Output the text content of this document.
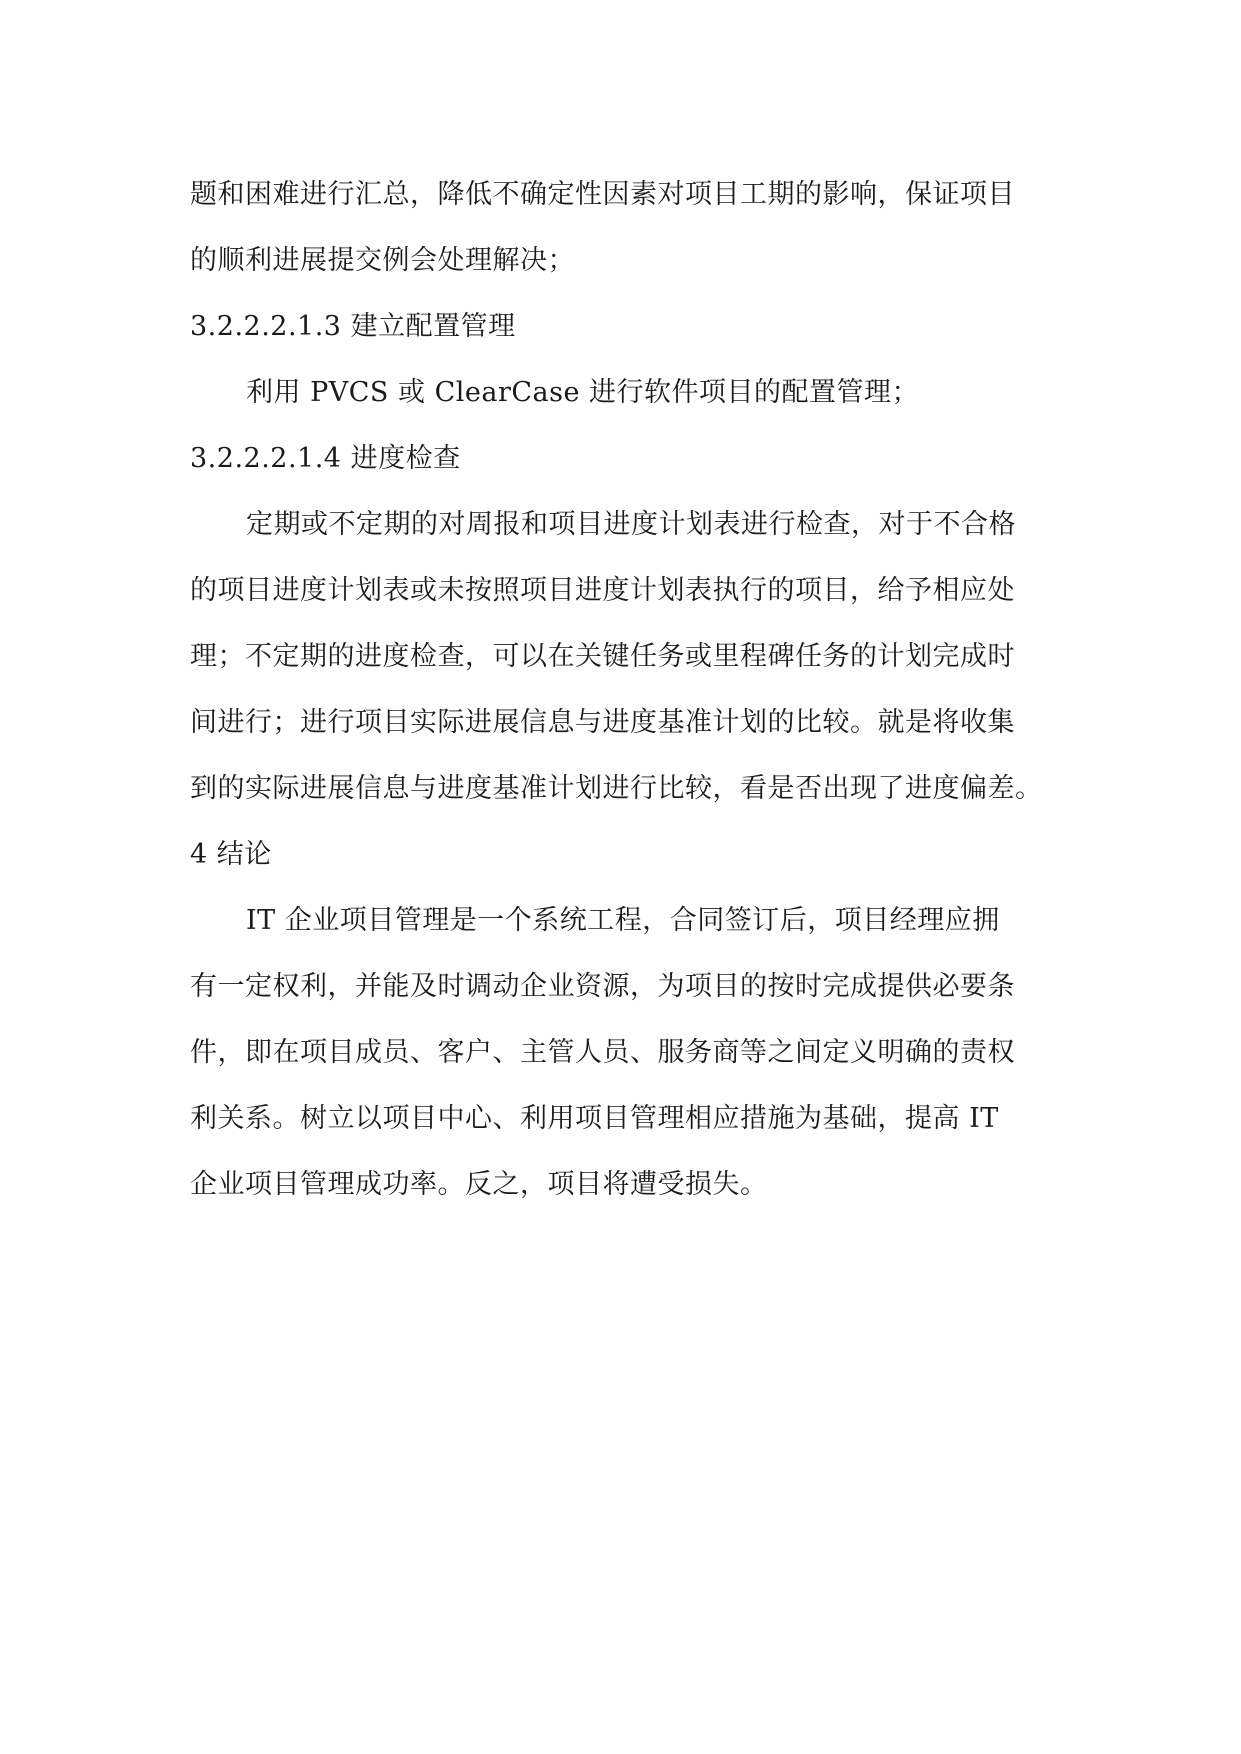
题和困难进行汇总，降低不确定性因素对项目工期的影响，保证项目
的顺利进展提交例会处理解决；
3.2.2.2.1.3 建立配置管理
利用 PVCS 或 ClearCase 进行软件项目的配置管理；
3.2.2.2.1.4 进度检查
定期或不定期的对周报和项目进度计划表进行检查，对于不合格
的项目进度计划表或未按照项目进度计划表执行的项目，给予相应处
理；不定期的进度检查，可以在关键任务或里程碑任务的计划完成时
间进行；进行项目实际进展信息与进度基准计划的比较。就是将收集
到的实际进展信息与进度基准计划进行比较，看是否出现了进度偏差。
4 结论
IT 企业项目管理是一个系统工程，合同签订后，项目经理应拥
有一定权利，并能及时调动企业资源，为项目的按时完成提供必要条
件，即在项目成员、客户、主管人员、服务商等之间定义明确的责权
利关系。树立以项目中心、利用项目管理相应措施为基础，提高 IT
企业项目管理成功率。反之，项目将遭受损失。
